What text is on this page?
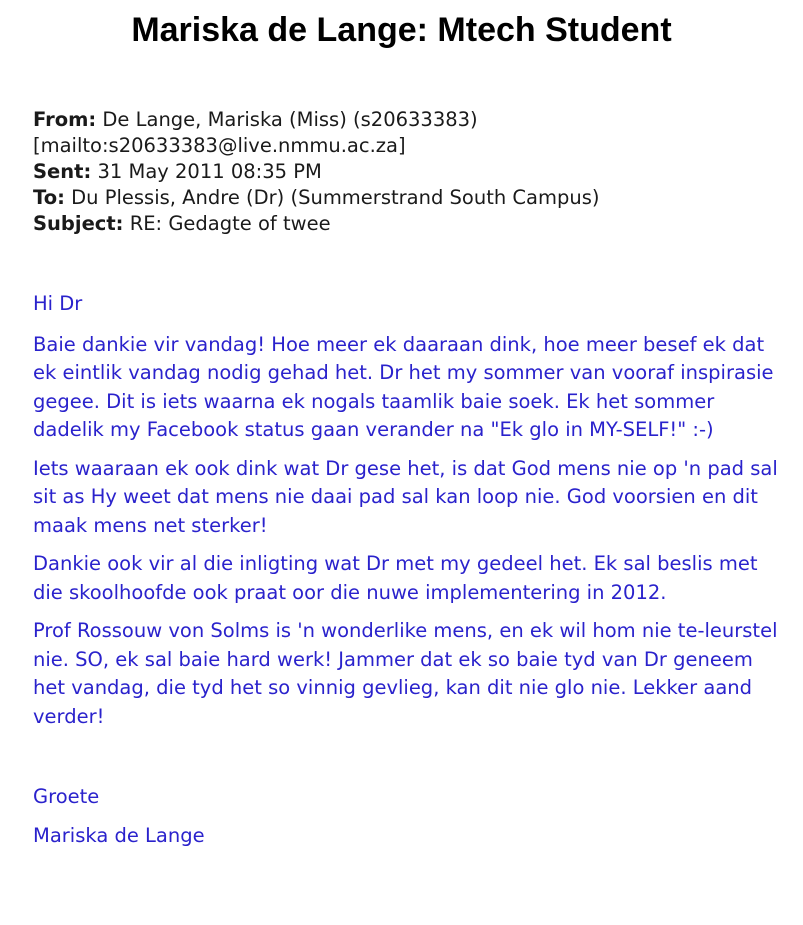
Mariska de Lange: Mtech Student
From: De Lange, Mariska (Miss) (s20633383)
[mailto:s20633383@live.nmmu.ac.za]
Sent: 31 May 2011 08:35 PM
To: Du Plessis, Andre (Dr) (Summerstrand South Campus)
Subject: RE: Gedagte of twee

Hi Dr

Baie dankie vir vandag! Hoe meer ek daaraan dink, hoe meer besef ek dat ek eintlik vandag nodig gehad het. Dr het my sommer van vooraf inspirasie gegee. Dit is iets waarna ek nogals taamlik baie soek. Ek het sommer dadelik my Facebook status gaan verander na "Ek glo in MY-SELF!" :-)

Iets waaraan ek ook dink wat Dr gese het, is dat God mens nie op 'n pad sal sit as Hy weet dat mens nie daai pad sal kan loop nie. God voorsien en dit maak mens net sterker!

Dankie ook vir al die inligting wat Dr met my gedeel het. Ek sal beslis met die skoolhoofde ook praat oor die nuwe implementering in 2012.

Prof Rossouw von Solms is 'n wonderlike mens, en ek wil hom nie te-leurstel nie. SO, ek sal baie hard werk! Jammer dat ek so baie tyd van Dr geneem het vandag, die tyd het so vinnig gevlieg, kan dit nie glo nie. Lekker aand verder!

Groete

Mariska de Lange
